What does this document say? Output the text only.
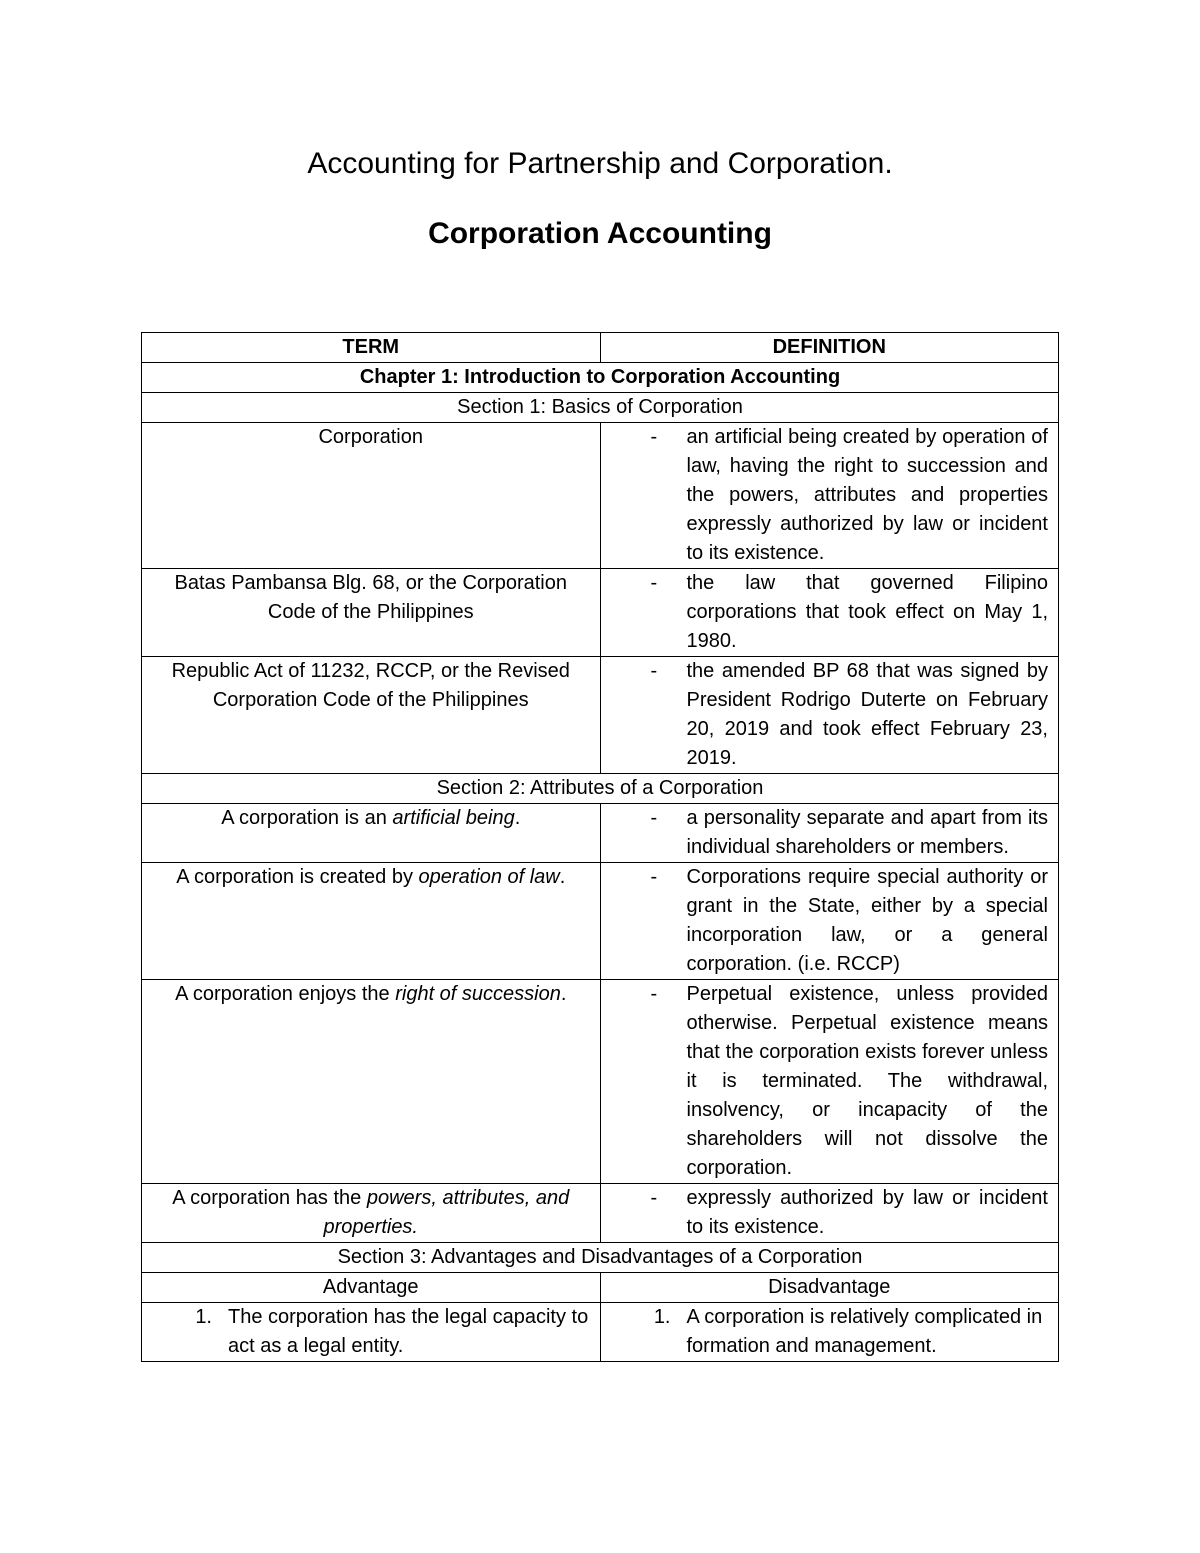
Accounting for Partnership and Corporation.
Corporation Accounting
TERM	DEFINITION
Chapter 1: Introduction to Corporation Accounting	
Section 1: Basics of Corporation	
Corporation	- an artificial being created by operation of law, having the right to succession and the powers, attributes and properties expressly authorized by law or incident to its existence.

Batas Pambansa Blg. 68, or the Corporation Code of the Philippines	- the law that governed Filipino corporations that took effect on May 1, 1980.

Republic Act of 11232, RCCP, or the Revised Corporation Code of the Philippines	- the amended BP 68 that was signed by President Rodrigo Duterte on February 20, 2019 and took effect February 23, 2019.

Section 2: Attributes of a Corporation	
A corporation is an artificial being.	- a personality separate and apart from its individual shareholders or members.

A corporation is created by operation of law.	- Corporations require special authority or grant in the State, either by a special incorporation law, or a general corporation. (i.e. RCCP)

A corporation enjoys the right of succession.	- Perpetual existence, unless provided otherwise. Perpetual existence means that the corporation exists forever unless it is terminated. The withdrawal, insolvency, or incapacity of the shareholders will not dissolve the corporation.

A corporation has the powers, attributes, and properties.	- expressly authorized by law or incident to its existence.

Section 3: Advantages and Disadvantages of a Corporation	
Advantage	Disadvantage

1. The corporation has the legal capacity to act as a legal entity.	1. A corporation is relatively complicated in formation and management.
